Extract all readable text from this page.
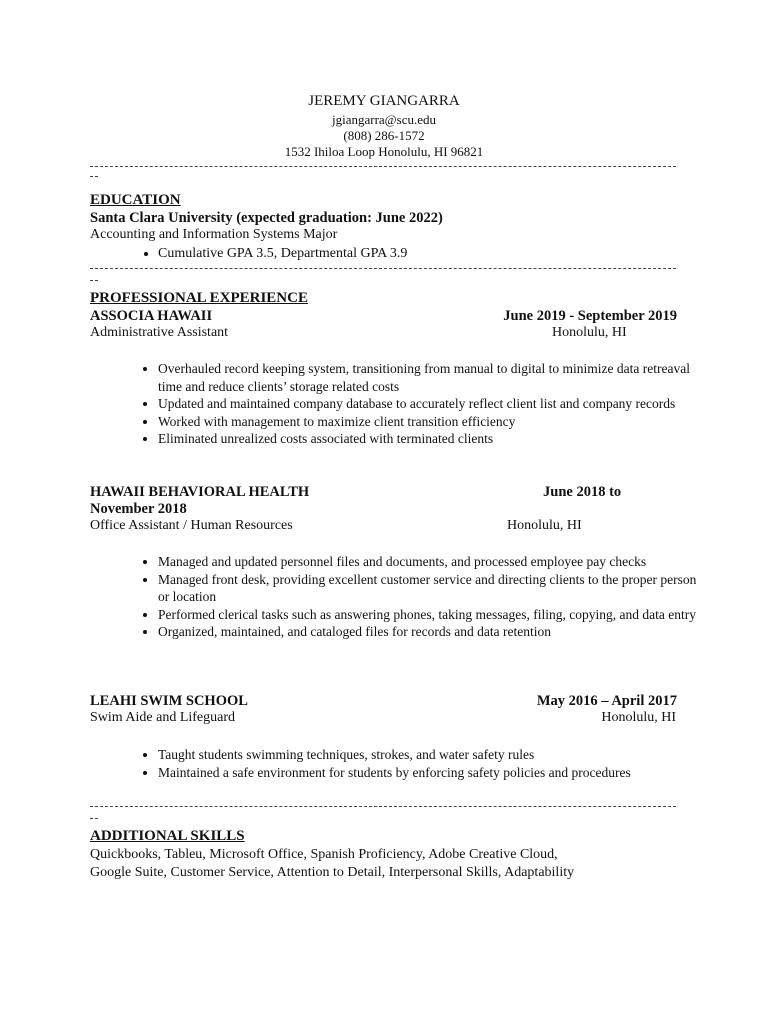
JEREMY GIANGARRA
jgiangarra@scu.edu
(808) 286-1572
1532 Ihiloa Loop Honolulu, HI 96821
EDUCATION
Santa Clara University (expected graduation: June 2022)
Accounting and Information Systems Major
• Cumulative GPA 3.5, Departmental GPA 3.9
PROFESSIONAL EXPERIENCE
ASSOCIA HAWAII	June 2019 - September 2019
Administrative Assistant	Honolulu, HI
• Overhauled record keeping system, transitioning from manual to digital to minimize data retreaval time and reduce clients’ storage related costs
• Updated and maintained company database to accurately reflect client list and company records
• Worked with management to maximize client transition efficiency
• Eliminated unrealized costs associated with terminated clients
HAWAII BEHAVIORAL HEALTH	June 2018 to
November 2018
Office Assistant / Human Resources	Honolulu, HI
• Managed and updated personnel files and documents, and processed employee pay checks
• Managed front desk, providing excellent customer service and directing clients to the proper person or location
• Performed clerical tasks such as answering phones, taking messages, filing, copying, and data entry
• Organized, maintained, and cataloged files for records and data retention
LEAHI SWIM SCHOOL	May 2016 – April 2017
Swim Aide and Lifeguard	Honolulu, HI
• Taught students swimming techniques, strokes, and water safety rules
• Maintained a safe environment for students by enforcing safety policies and procedures
ADDITIONAL SKILLS
Quickbooks, Tableu, Microsoft Office, Spanish Proficiency, Adobe Creative Cloud,
Google Suite, Customer Service, Attention to Detail, Interpersonal Skills, Adaptability
